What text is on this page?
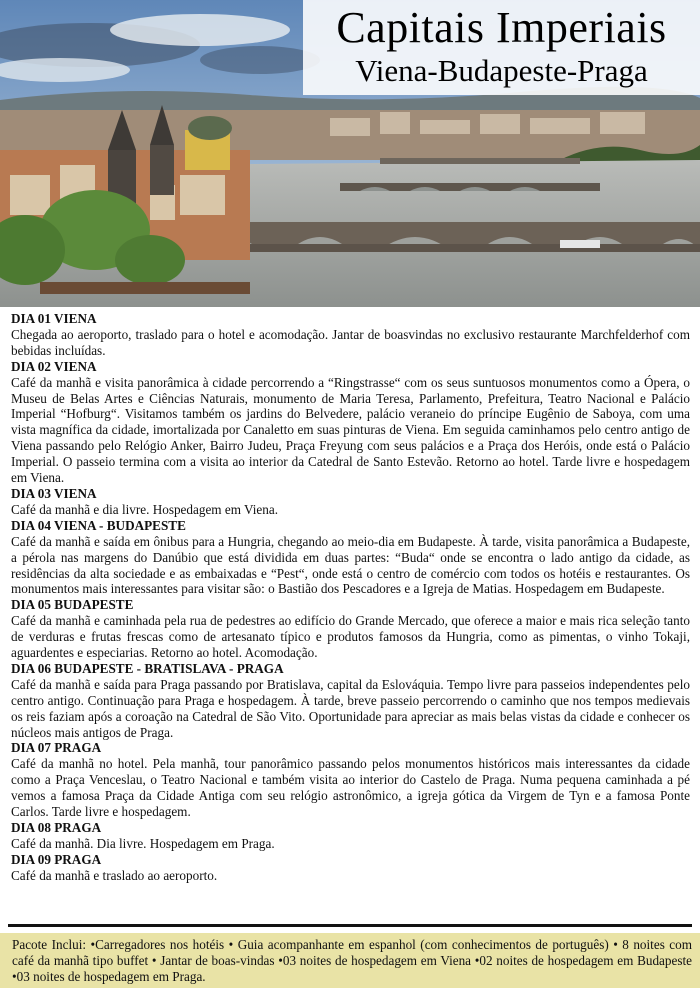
Capitais Imperiais
Viena-Budapeste-Praga
DIA 01 VIENA
Chegada ao aeroporto, traslado para o hotel e acomodação. Jantar de boasvindas no exclusivo restaurante Marchfelderhof com bebidas incluídas.
DIA 02 VIENA
Café da manhã e visita panorâmica à cidade percorrendo a “Ringstrasse“ com os seus suntuosos monumentos como a Ópera, o Museu de Belas Artes e Ciências Naturais, monumento de Maria Teresa, Parlamento, Prefeitura, Teatro Nacional e Palácio Imperial “Hofburg“. Visitamos também os jardins do Belvedere, palácio veraneio do príncipe Eugênio de Saboya, com uma vista magnífica da cidade, imortalizada por Canaletto em suas pinturas de Viena. Em seguida caminhamos pelo centro antigo de Viena passando pelo Relógio Anker, Bairro Judeu, Praça Freyung com seus palácios e a Praça dos Heróis, onde está o Palácio Imperial. O passeio termina com a visita ao interior da Catedral de Santo Estevão. Retorno ao hotel. Tarde livre e hospedagem em Viena.
DIA 03 VIENA
Café da manhã e dia livre. Hospedagem em Viena.
DIA 04 VIENA - BUDAPESTE
Café da manhã e saída em ônibus para a Hungria, chegando ao meio-dia em Budapeste. À tarde, visita panorâmica a Budapeste, a pérola nas margens do Danúbio que está dividida em duas partes: “Buda“ onde se encontra o lado antigo da cidade, as residências da alta sociedade e as embaixadas e “Pest“, onde está o centro de comércio com todos os hotéis e restaurantes. Os monumentos mais interessantes para visitar são: o Bastião dos Pescadores e a Igreja de Matias. Hospedagem em Budapeste.
DIA 05 BUDAPESTE
Café da manhã e caminhada pela rua de pedestres ao edifício do Grande Mercado, que oferece a maior e mais rica seleção tanto de verduras e frutas frescas como de artesanato típico e produtos famosos da Hungria, como as pimentas, o vinho Tokaji, aguardentes e especiarias. Retorno ao hotel. Acomodação.
DIA 06 BUDAPESTE - BRATISLAVA - PRAGA
Café da manhã e saída para Praga passando por Bratislava, capital da Eslováquia. Tempo livre para passeios independentes pelo centro antigo. Continuação para Praga e hospedagem. À tarde, breve passeio percorrendo o caminho que nos tempos medievais os reis faziam após a coroação na Catedral de São Vito. Oportunidade para apreciar as mais belas vistas da cidade e conhecer os núcleos mais antigos de Praga.
DIA 07 PRAGA
Café da manhã no hotel. Pela manhã, tour panorâmico passando pelos monumentos históricos mais interessantes da cidade como a Praça Venceslau, o Teatro Nacional e também visita ao interior do Castelo de Praga. Numa pequena caminhada a pé vemos a famosa Praça da Cidade Antiga com seu relógio astronômico, a igreja gótica da Virgem de Tyn e a famosa Ponte Carlos. Tarde livre e hospedagem.
DIA 08 PRAGA
Café da manhã. Dia livre. Hospedagem em Praga.
DIA 09 PRAGA
Café da manhã e traslado ao aeroporto.
Pacote Inclui: •Carregadores nos hotéis • Guia acompanhante em espanhol (com conhecimentos de português) • 8 noites com café da manhã tipo buffet • Jantar de boas-vindas •03 noites de hospedagem em Viena •02 noites de hospedagem em Budapeste •03 noites de hospedagem em Praga.
